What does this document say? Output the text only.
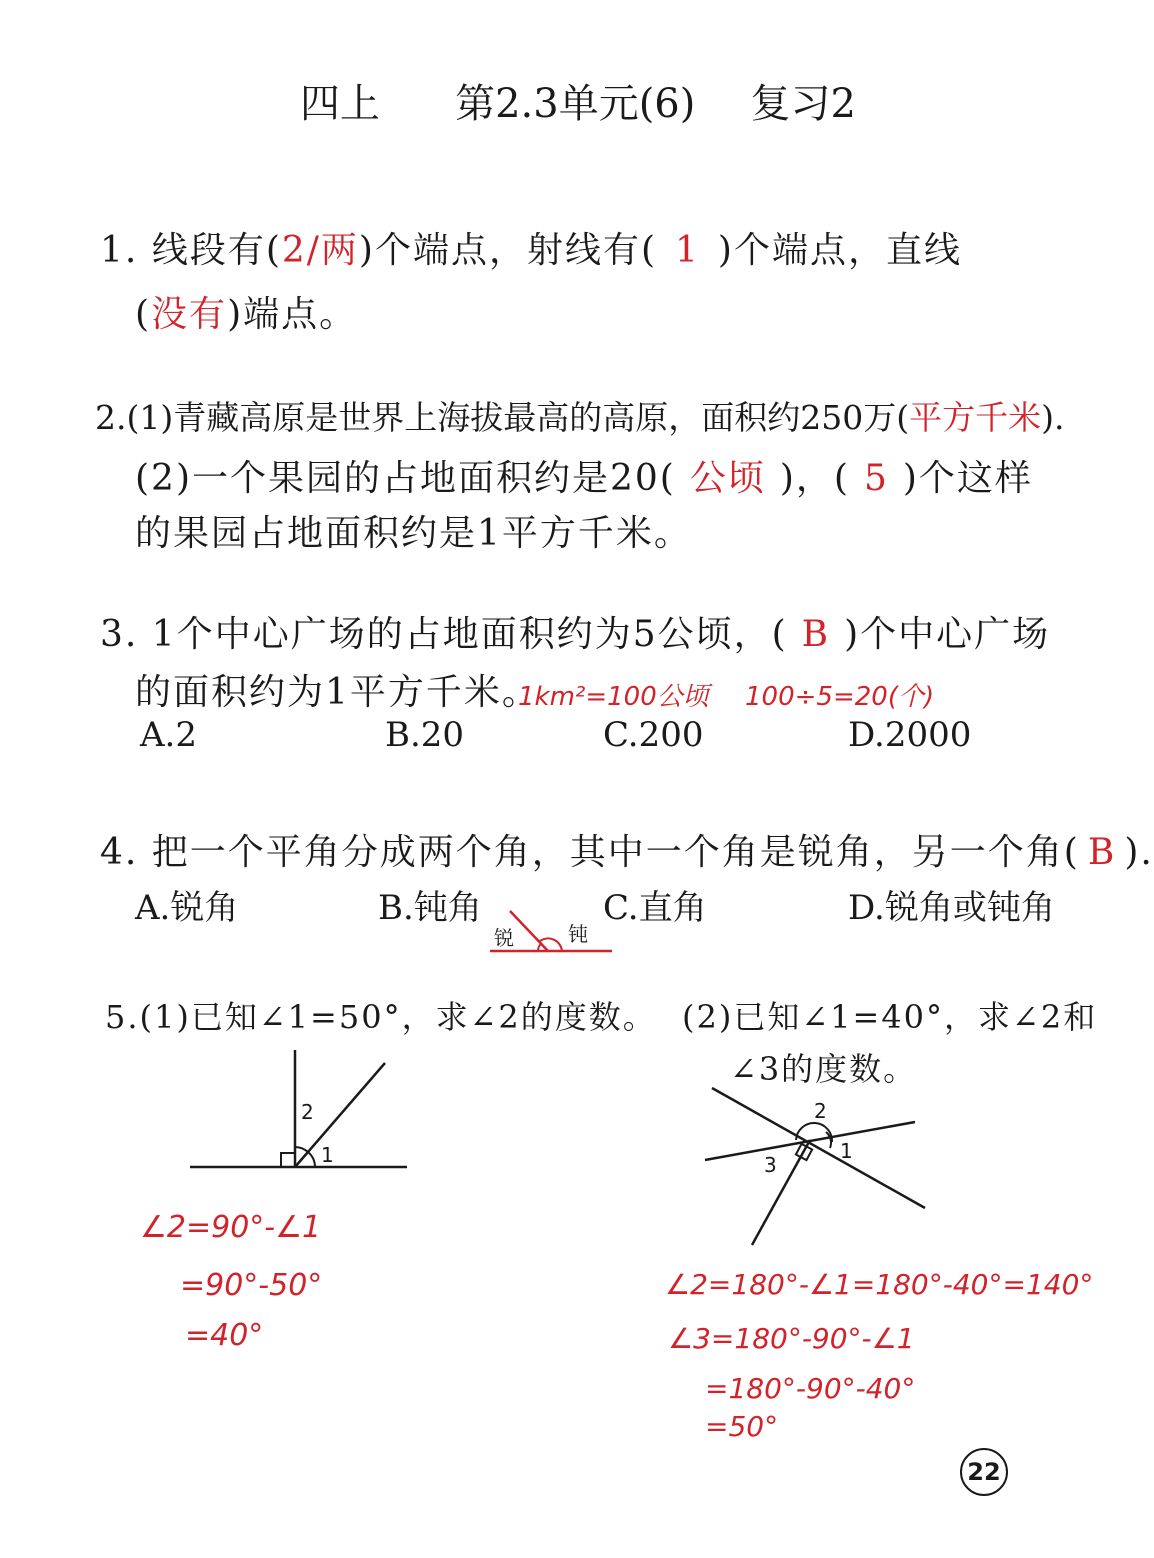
四上 第2.3单元(6) 复习2
1. 线段有(2/两)个端点，射线有( 1 )个端点，直线
(没有)端点。
2.(1)青藏高原是世界上海拔最高的高原，面积约250万(平方千米).
(2)一个果园的占地面积约是20( 公顷 )，( 5 )个这样
的果园占地面积约是1平方千米。
3. 1个中心广场的占地面积约为5公顷，( B )个中心广场
的面积约为1平方千米。
1km²=100公顷 100÷5=20(个)
A.2	B.20	C.200	D.2000
4. 把一个平角分成两个角，其中一个角是锐角，另一个角( B ).
A.锐角	B.钝角	C.直角	D.锐角或钝角
锐	钝
5.(1)已知∠1=50°，求∠2的度数。 (2)已知∠1=40°，求∠2和
∠3的度数。
2
1
2
1
3
∠2=90°-∠1
=90°-50°
=40°
∠2=180°-∠1=180°-40°=140°
∠3=180°-90°-∠1
=180°-90°-40°
=50°
22
